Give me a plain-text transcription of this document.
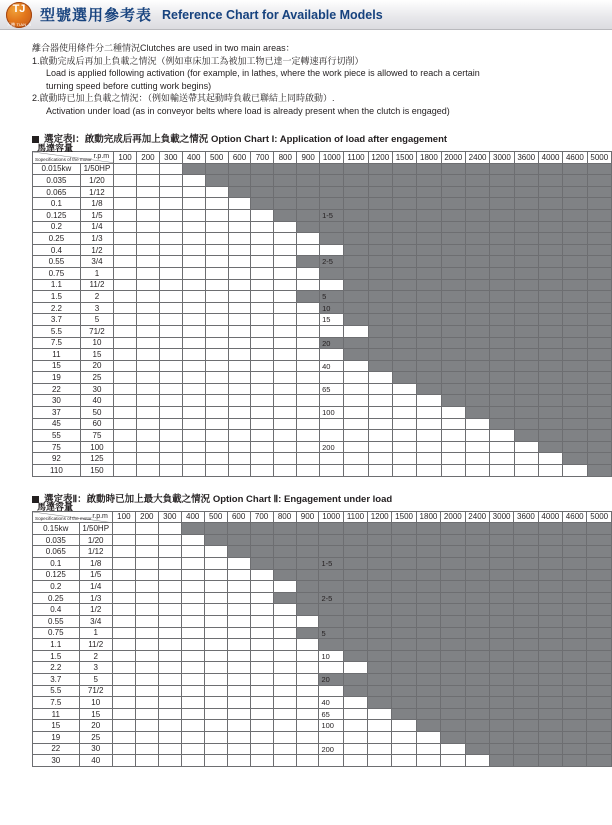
TJ
天機 TIAN JI 型號選用參考表 Reference Chart for Available Models
離合器使用條件分二種情況Clutches are used in two main areas：
1.啟動完成后再加上負載之情況（例如車床加工為被加工物已達一定轉速再行切削）
Load is applied following activation (for example, in lathes, where the work piece is allowed to reach a certain
turning speed before cutting work begins)
2.啟動時已加上負載之情況：（例如輸送帶其起動時負載已聯結上同時啟動）.
Activation under load (as in conveyor belts where load is already present when the clutch is engaged)
選定表Ⅰ：啟動完成后再加上負載之情況 Option Chart I: Application of load after engagement
r.p.m
馬達容量
Sopecifications of the motor		100	200	300	400	500	600	700	800	900	1000	1100	1200	1500	1800	2000	2400	3000	3600	4000	4600	5000
0.015kw	1/50HP																					
0.035	1/20																					
0.065	1/12																					
0.1	1/8																					
0.125	1/5										1-5											

0.2	1/4																					
0.25	1/3																					
0.4	1/2																					
0.55	3/4										2-5											

0.75	1																					
1.1	11/2																					
1.5	2										5											

2.2	3										10											

3.7	5										15											

5.5	71/2																					
7.5	10										20											

11	15																					
15	20										40											

19	25																					
22	30										65											

30	40																					
37	50										100											

45	60																					
55	75																					
75	100										200											

92	125																					
110	150																					
選定表Ⅱ：啟動時已加上最大負載之情況 Option Chart Ⅱ: Engagement under load
r.p.m
馬達容量
Sopecifications of the motor		100	200	300	400	500	600	700	800	900	1000	1100	1200	1500	1800	2000	2400	3000	3600	4000	4600	5000
0.15kw	1/50HP																					
0.035	1/20																					
0.065	1/12																					
0.1	1/8										1-5											

0.125	1/5																					
0.2	1/4																					
0.25	1/3										2-5											

0.4	1/2																					
0.55	3/4																					
0.75	1										5											

1.1	11/2																					
1.5	2										10											

2.2	3																					
3.7	5										20											

5.5	71/2																					
7.5	10										40											

11	15										65											

15	20										100											

19	25																					
22	30										200											

30	40																					
